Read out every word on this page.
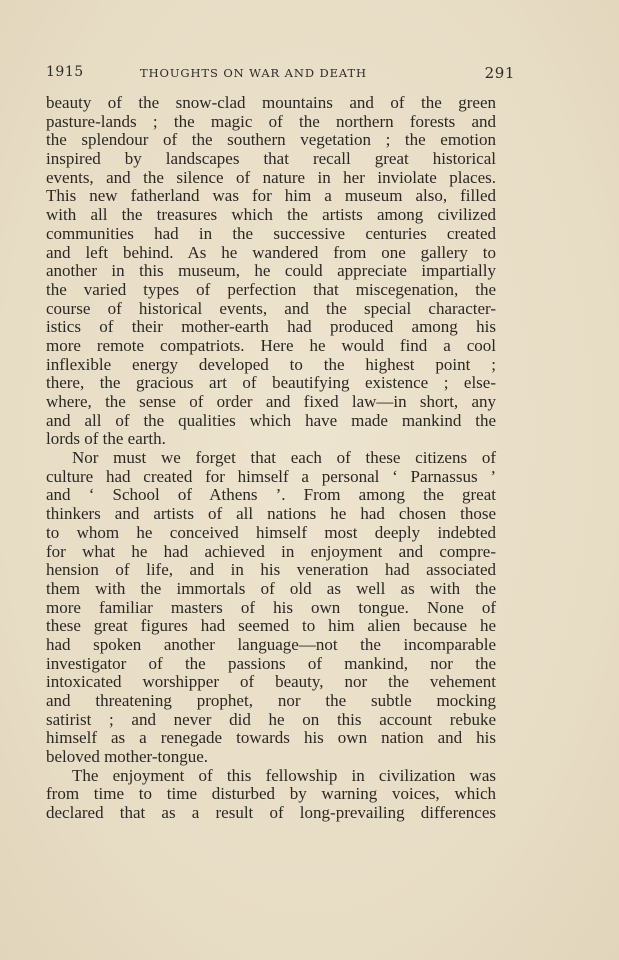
1915	THOUGHTS ON WAR AND DEATH	291
beauty of the snow-clad mountains and of the green
pasture-lands ; the magic of the northern forests and
the splendour of the southern vegetation ; the emotion
inspired by landscapes that recall great historical
events, and the silence of nature in her inviolate places.
This new fatherland was for him a museum also, filled
with all the treasures which the artists among civilized
communities had in the successive centuries created
and left behind. As he wandered from one gallery to
another in this museum, he could appreciate impartially
the varied types of perfection that miscegenation, the
course of historical events, and the special character-
istics of their mother-earth had produced among his
more remote compatriots. Here he would find a cool
inflexible energy developed to the highest point ;
there, the gracious art of beautifying existence ; else-
where, the sense of order and fixed law—in short, any
and all of the qualities which have made mankind the
lords of the earth.
Nor must we forget that each of these citizens of
culture had created for himself a personal ‘ Parnassus ’
and ‘ School of Athens ’. From among the great
thinkers and artists of all nations he had chosen those
to whom he conceived himself most deeply indebted
for what he had achieved in enjoyment and compre-
hension of life, and in his veneration had associated
them with the immortals of old as well as with the
more familiar masters of his own tongue. None of
these great figures had seemed to him alien because he
had spoken another language—not the incomparable
investigator of the passions of mankind, nor the
intoxicated worshipper of beauty, nor the vehement
and threatening prophet, nor the subtle mocking
satirist ; and never did he on this account rebuke
himself as a renegade towards his own nation and his
beloved mother-tongue.
The enjoyment of this fellowship in civilization was
from time to time disturbed by warning voices, which
declared that as a result of long-prevailing differences
